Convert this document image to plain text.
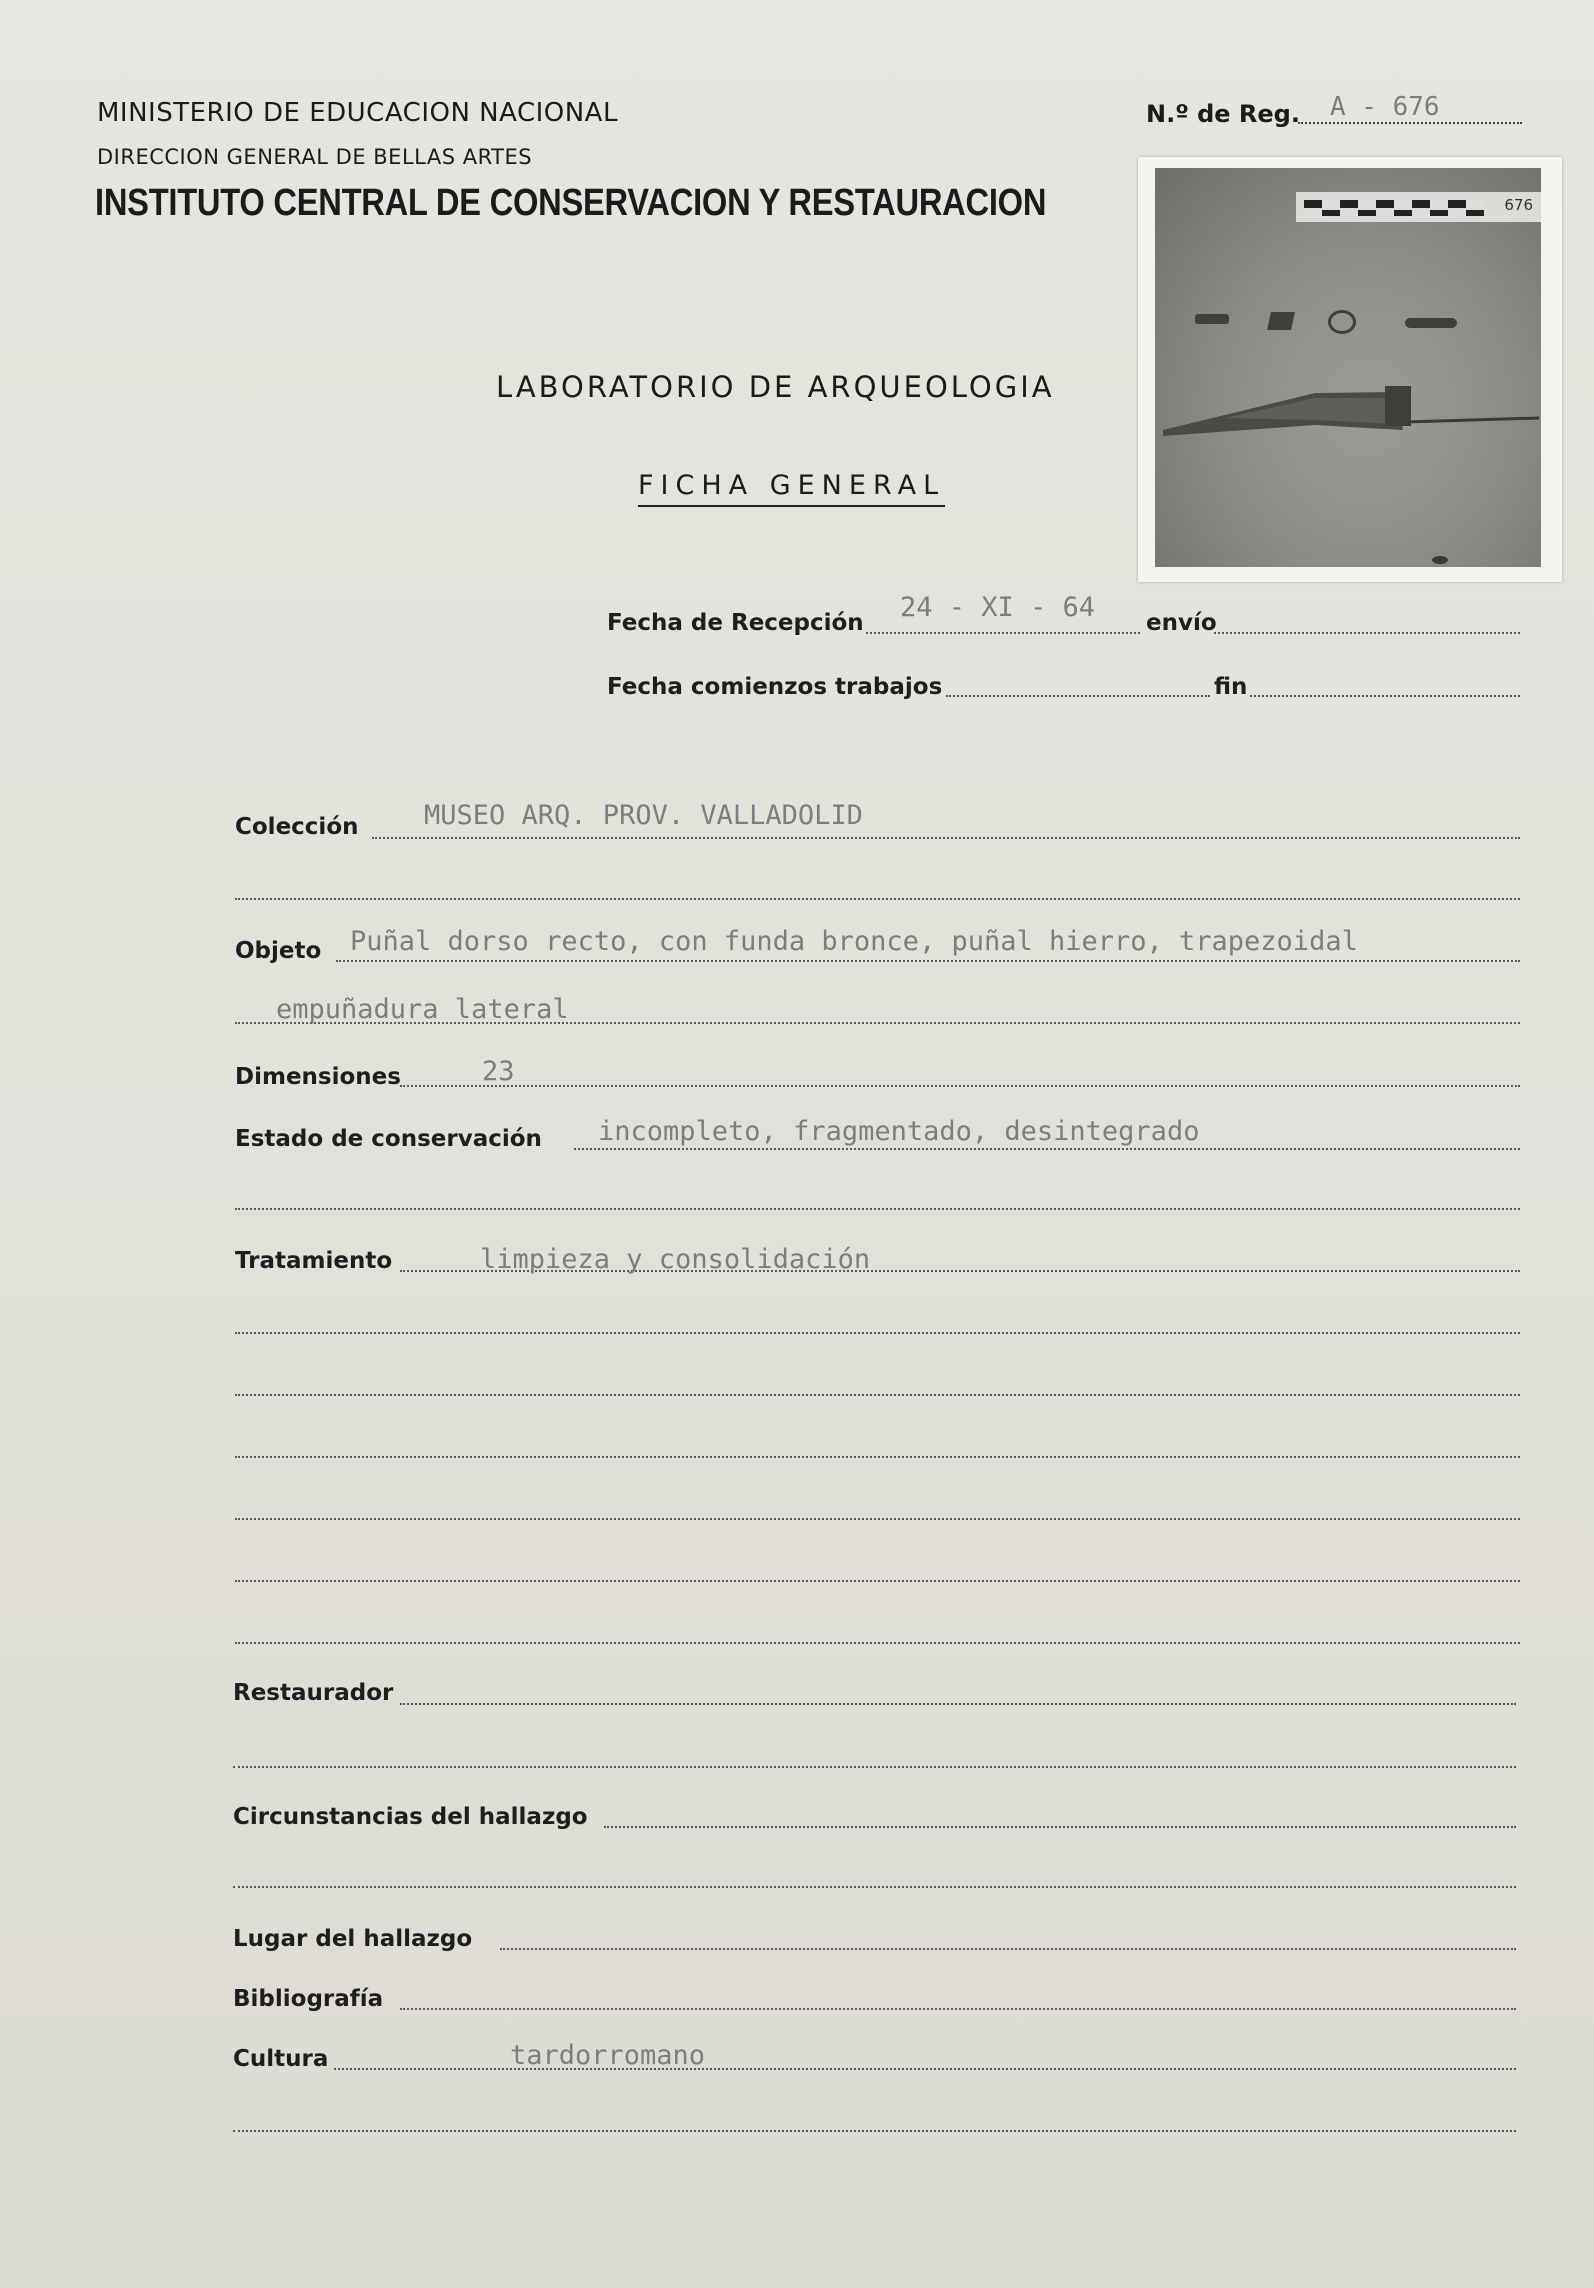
MINISTERIO DE EDUCACION NACIONAL
DIRECCION GENERAL DE BELLAS ARTES
INSTITUTO CENTRAL DE CONSERVACION Y RESTAURACION
N.º de Reg. A - 676
676
LABORATORIO DE ARQUEOLOGIA
FICHA GENERAL
Fecha de Recepción 24 - XI - 64 envío
Fecha comienzos trabajos	fin
Colección MUSEO ARQ. PROV. VALLADOLID
Objeto Puñal dorso recto, con funda bronce, puñal hierro, trapezoidal
empuñadura lateral
Dimensiones	23
Estado de conservación incompleto, fragmentado, desintegrado
Tratamiento	limpieza y consolidación
Restaurador
Circunstancias del hallazgo
Lugar del hallazgo
Bibliografía
Cultura	tardorromano
